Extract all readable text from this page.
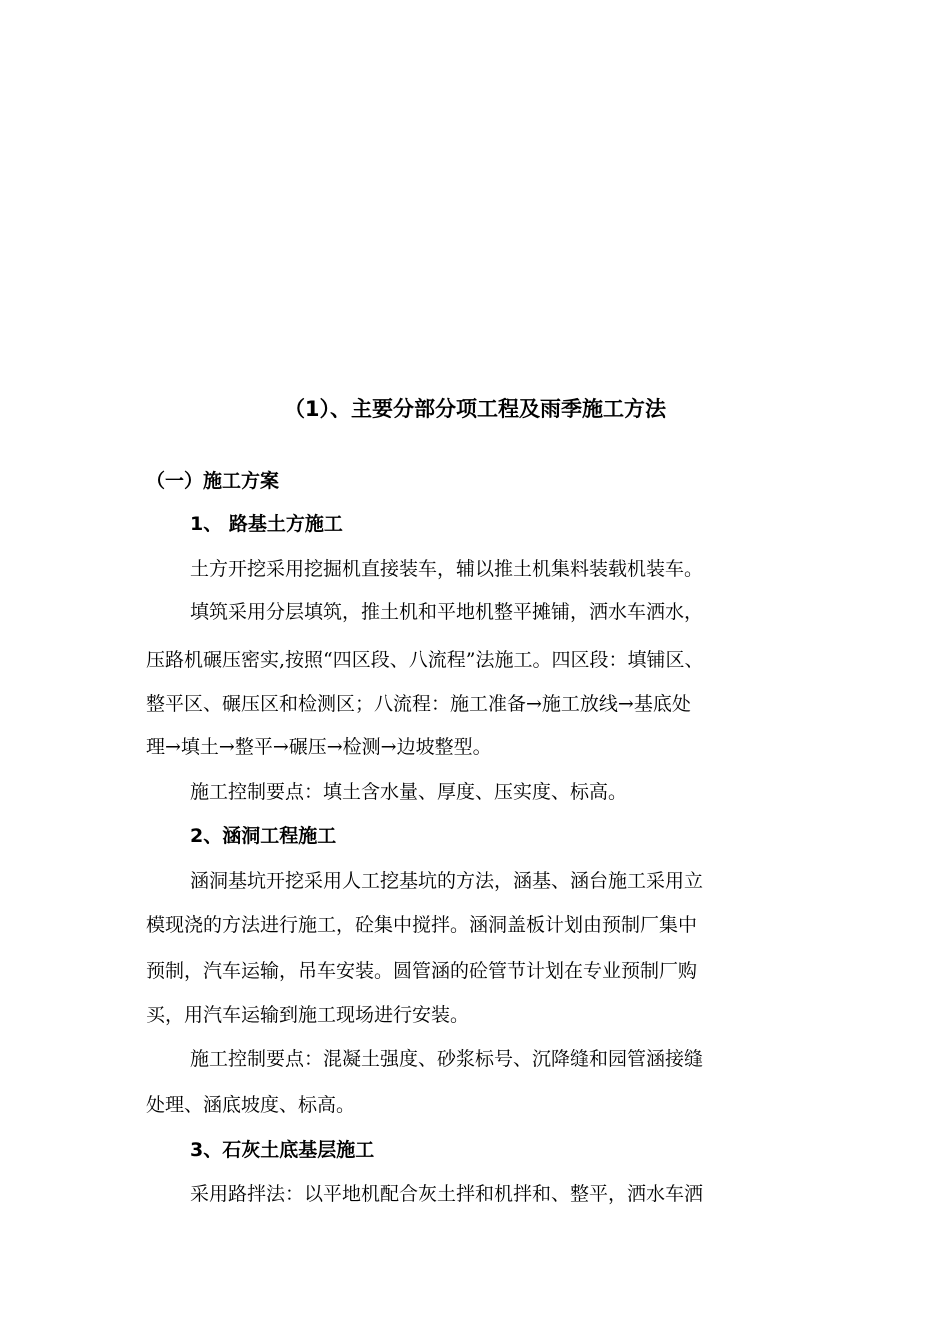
（1）、主要分部分项工程及雨季施工方法
（一）施工方案
1、 路基土方施工
土方开挖采用挖掘机直接装车，辅以推土机集料装载机装车。
填筑采用分层填筑，推土机和平地机整平摊铺，洒水车洒水，
压路机碾压密实,按照“四区段、八流程”法施工。四区段：填铺区、
整平区、碾压区和检测区；八流程：施工准备→施工放线→基底处
理→填土→整平→碾压→检测→边坡整型。
施工控制要点：填土含水量、厚度、压实度、标高。
2、涵洞工程施工
涵洞基坑开挖采用人工挖基坑的方法，涵基、涵台施工采用立
模现浇的方法进行施工，砼集中搅拌。涵洞盖板计划由预制厂集中
预制，汽车运输，吊车安装。圆管涵的砼管节计划在专业预制厂购
买，用汽车运输到施工现场进行安装。
施工控制要点：混凝土强度、砂浆标号、沉降缝和园管涵接缝
处理、涵底坡度、标高。
3、石灰土底基层施工
采用路拌法：以平地机配合灰土拌和机拌和、整平，洒水车洒
